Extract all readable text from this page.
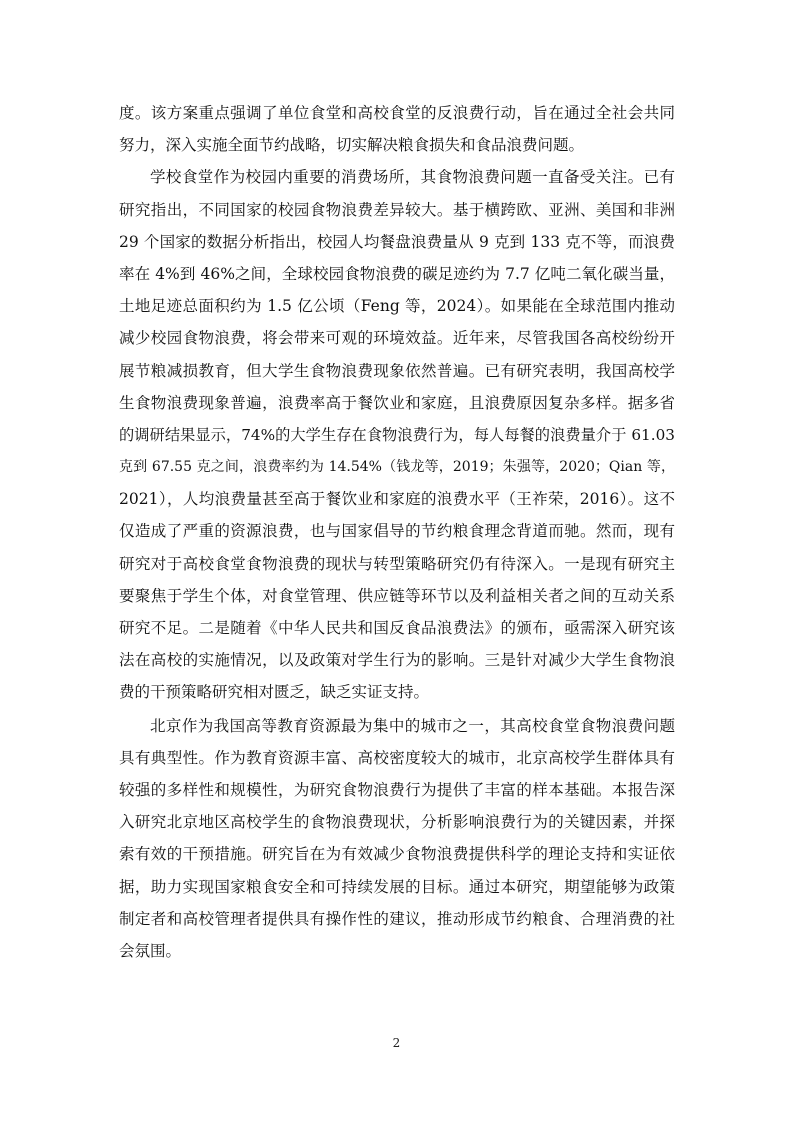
度。该方案重点强调了单位食堂和高校食堂的反浪费行动，旨在通过全社会共同
努力，深入实施全面节约战略，切实解决粮食损失和食品浪费问题。
学校食堂作为校园内重要的消费场所，其食物浪费问题一直备受关注。已有
研究指出，不同国家的校园食物浪费差异较大。基于横跨欧、亚洲、美国和非洲
29 个国家的数据分析指出，校园人均餐盘浪费量从 9 克到 133 克不等，而浪费
率在 4%到 46%之间，全球校园食物浪费的碳足迹约为 7.7 亿吨二氧化碳当量，
土地足迹总面积约为 1.5 亿公顷（Feng 等，2024）。如果能在全球范围内推动
减少校园食物浪费，将会带来可观的环境效益。近年来，尽管我国各高校纷纷开
展节粮减损教育，但大学生食物浪费现象依然普遍。已有研究表明，我国高校学
生食物浪费现象普遍，浪费率高于餐饮业和家庭，且浪费原因复杂多样。据多省
的调研结果显示，74%的大学生存在食物浪费行为，每人每餐的浪费量介于 61.03
克到 67.55 克之间，浪费率约为 14.54%（钱龙等，2019；朱强等，2020；Qian 等，
2021），人均浪费量甚至高于餐饮业和家庭的浪费水平（王祚荣，2016）。这不
仅造成了严重的资源浪费，也与国家倡导的节约粮食理念背道而驰。然而，现有
研究对于高校食堂食物浪费的现状与转型策略研究仍有待深入。一是现有研究主
要聚焦于学生个体，对食堂管理、供应链等环节以及利益相关者之间的互动关系
研究不足。二是随着《中华人民共和国反食品浪费法》的颁布，亟需深入研究该
法在高校的实施情况，以及政策对学生行为的影响。三是针对减少大学生食物浪
费的干预策略研究相对匮乏，缺乏实证支持。
北京作为我国高等教育资源最为集中的城市之一，其高校食堂食物浪费问题
具有典型性。作为教育资源丰富、高校密度较大的城市，北京高校学生群体具有
较强的多样性和规模性，为研究食物浪费行为提供了丰富的样本基础。本报告深
入研究北京地区高校学生的食物浪费现状，分析影响浪费行为的关键因素，并探
索有效的干预措施。研究旨在为有效减少食物浪费提供科学的理论支持和实证依
据，助力实现国家粮食安全和可持续发展的目标。通过本研究，期望能够为政策
制定者和高校管理者提供具有操作性的建议，推动形成节约粮食、合理消费的社
会氛围。
2
